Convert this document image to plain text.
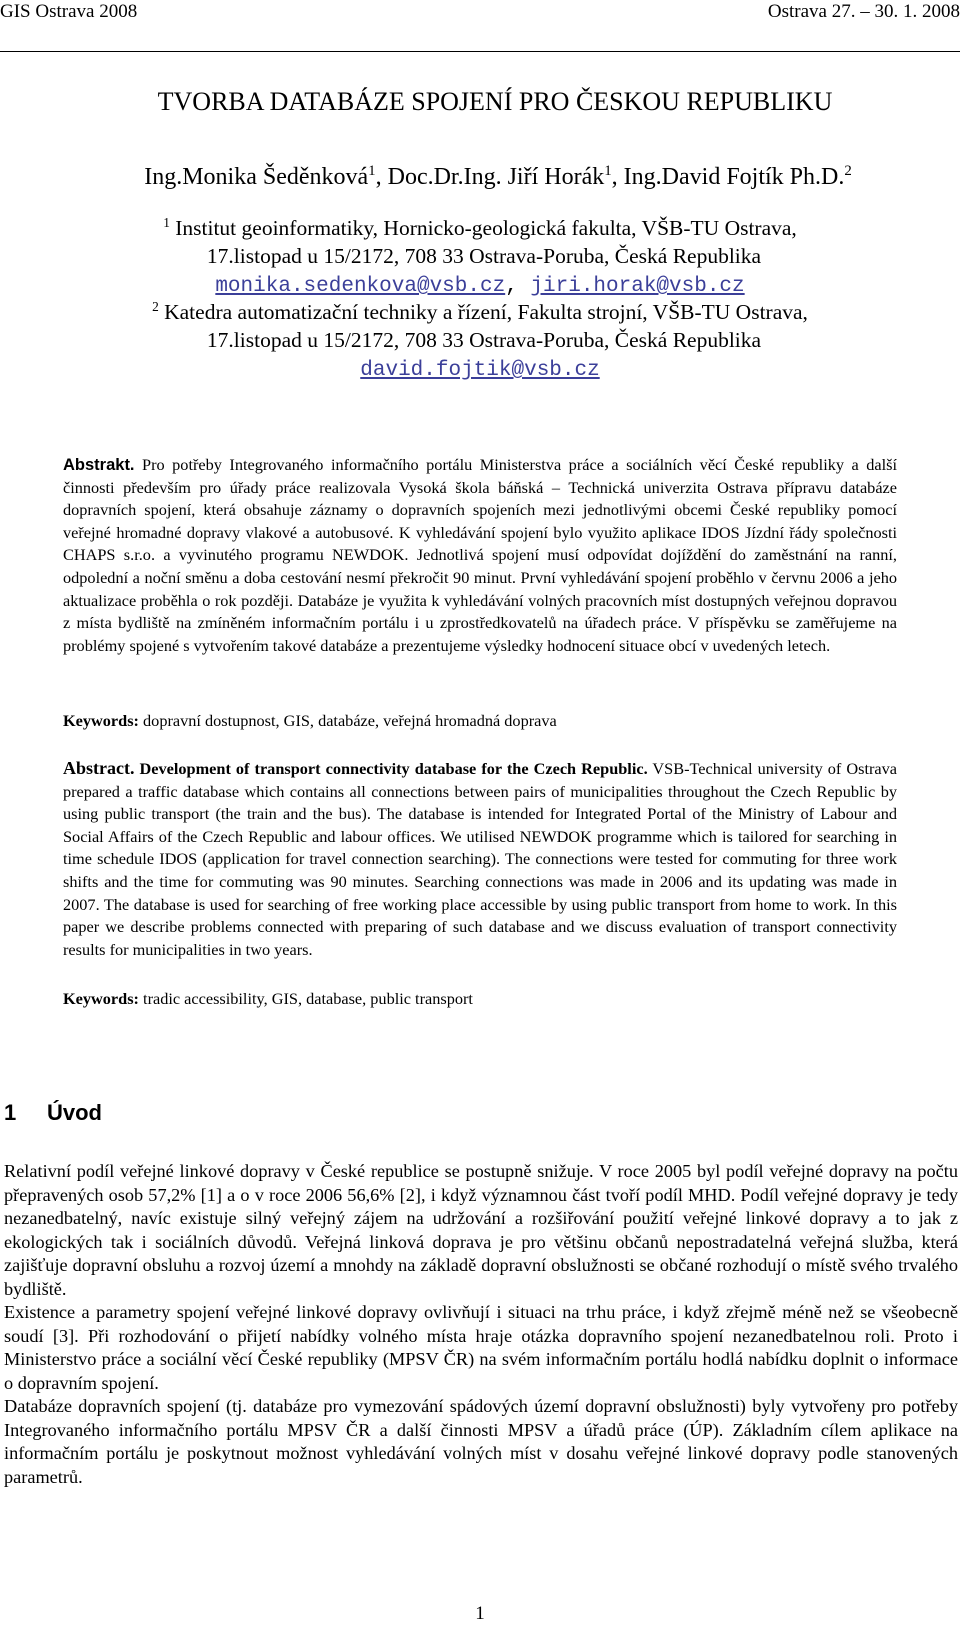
GIS Ostrava 2008	Ostrava 27. – 30. 1. 2008
TVORBA DATABÁZE SPOJENÍ PRO ČESKOU REPUBLIKU
Ing.Monika Šeděnková$^1$, Doc.Dr.Ing. Jiří Horák$^1$, Ing.David Fojtík Ph.D.$^2$
$^1$ Institut geoinformatiky, Hornicko-geologická fakulta, VŠB-TU Ostrava,
17.listopad u 15/2172, 708 33 Ostrava-Poruba, Česká Republika
monika.sedenkova@vsb.cz, jiri.horak@vsb.cz
$^2$ Katedra automatizační techniky a řízení, Fakulta strojní, VŠB-TU Ostrava,
17.listopad u 15/2172, 708 33 Ostrava-Poruba, Česká Republika
david.fojtik@vsb.cz
Abstrakt. Pro potřeby Integrovaného informačního portálu Ministerstva práce a sociálních věcí České republiky a další činnosti především pro úřady práce realizovala Vysoká škola báňská – Technická univerzita Ostrava přípravu databáze dopravních spojení, která obsahuje záznamy o dopravních spojeních mezi jednotlivými obcemi České republiky pomocí veřejné hromadné dopravy vlakové a autobusové. K vyhledávání spojení bylo využito aplikace IDOS Jízdní řády společnosti CHAPS s.r.o. a vyvinutého programu NEWDOK. Jednotlivá spojení musí odpovídat dojíždění do zaměstnání na ranní, odpolední a noční směnu a doba cestování nesmí překročit 90 minut. První vyhledávání spojení proběhlo v červnu 2006 a jeho aktualizace proběhla o rok později. Databáze je využita k vyhledávání volných pracovních míst dostupných veřejnou dopravou z místa bydliště na zmíněném informačním portálu i u zprostředkovatelů na úřadech práce. V příspěvku se zaměřujeme na problémy spojené s vytvořením takové databáze a prezentujeme výsledky hodnocení situace obcí v uvedených letech.
Keywords: dopravní dostupnost, GIS, databáze, veřejná hromadná doprava
Abstract. Development of transport connectivity database for the Czech Republic. VSB-Technical university of Ostrava prepared a traffic database which contains all connections between pairs of municipalities throughout the Czech Republic by using public transport (the train and the bus). The database is intended for Integrated Portal of the Ministry of Labour and Social Affairs of the Czech Republic and labour offices. We utilised NEWDOK programme which is tailored for searching in time schedule IDOS (application for travel connection searching). The connections were tested for commuting for three work shifts and the time for commuting was 90 minutes. Searching connections was made in 2006 and its updating was made in 2007. The database is used for searching of free working place accessible by using public transport from home to work. In this paper we describe problems connected with preparing of such database and we discuss evaluation of transport connectivity results for municipalities in two years.
Keywords: tradic accessibility, GIS, database, public transport
1 Úvod

Relativní podíl veřejné linkové dopravy v České republice se postupně snižuje. V roce 2005 byl podíl veřejné dopravy na počtu přepravených osob 57,2% [1] a o v roce 2006 56,6% [2], i když významnou část tvoří podíl MHD. Podíl veřejné dopravy je tedy nezanedbatelný, navíc existuje silný veřejný zájem na udržování a rozšiřování použití veřejné linkové dopravy a to jak z ekologických tak i sociálních důvodů. Veřejná linková doprava je pro většinu občanů nepostradatelná veřejná služba, která zajišťuje dopravní obsluhu a rozvoj území a mnohdy na základě dopravní obslužnosti se občané rozhodují o místě svého trvalého bydliště.

Existence a parametry spojení veřejné linkové dopravy ovlivňují i situaci na trhu práce, i když zřejmě méně než se všeobecně soudí [3]. Při rozhodování o přijetí nabídky volného místa hraje otázka dopravního spojení nezanedbatelnou roli. Proto i Ministerstvo práce a sociální věcí České republiky (MPSV ČR) na svém informačním portálu hodlá nabídku doplnit o informace o dopravním spojení.

Databáze dopravních spojení (tj. databáze pro vymezování spádových území dopravní obslužnosti) byly vytvořeny pro potřeby Integrovaného informačního portálu MPSV ČR a další činnosti MPSV a úřadů práce (ÚP). Základním cílem aplikace na informačním portálu je poskytnout možnost vyhledávání volných míst v dosahu veřejné linkové dopravy podle stanovených parametrů.

1
